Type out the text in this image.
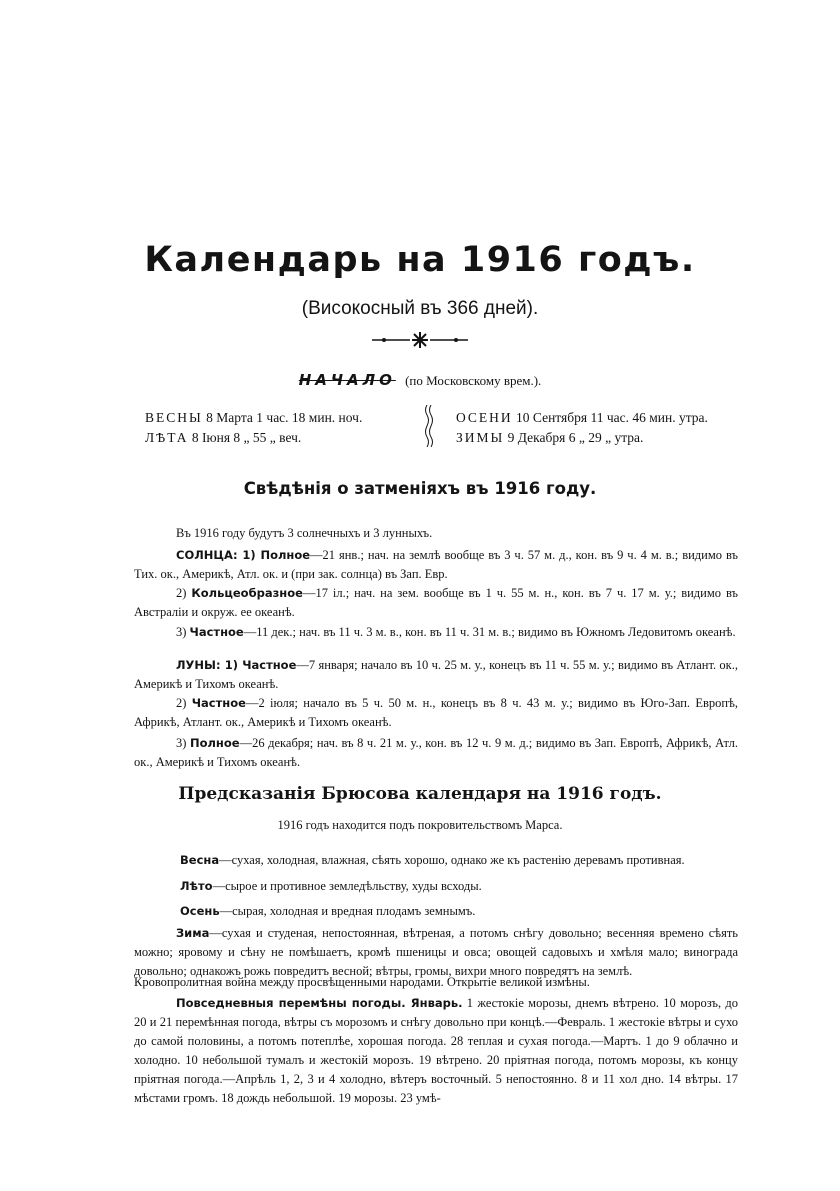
Календарь на 1916 годъ.
(Високосный въ 366 дней).
НАЧАЛО (по Московскому врем.).
ВЕСНЫ 8 Марта 1 час. 18 мин. ноч.
ЛѢТА 8 Іюня 8 „ 55 „ веч.
ОСЕНИ 10 Сентября 11 час. 46 мин. утра.
ЗИМЫ 9 Декабря 6 „ 29 „ утра.
Свѣдѣнія о затменіяхъ въ 1916 году.
Въ 1916 году будутъ 3 солнечныхъ и 3 лунныхъ.
СОЛНЦА: 1) Полное—21 янв.; нач. на землѣ вообще въ 3 ч. 57 м. д., кон. въ 9 ч. 4 м. в.; видимо въ Тих. ок., Америкѣ, Атл. ок. и (при зак. солнца) въ Зап. Евр.
2) Кольцеобразное—17 іл.; нач. на зем. вообще въ 1 ч. 55 м. н., кон. въ 7 ч. 17 м. у.; видимо въ Австраліи и окруж. ее океанѣ.
3) Частное—11 дек.; нач. въ 11 ч. 3 м. в., кон. въ 11 ч. 31 м. в.; видимо въ Южномъ Ледовитомъ океанѣ.
ЛУНЫ: 1) Частное—7 января; начало въ 10 ч. 25 м. у., конецъ въ 11 ч. 55 м. у.; видимо въ Атлант. ок., Америкѣ и Тихомъ океанѣ.
2) Частное—2 іюля; начало въ 5 ч. 50 м. н., конецъ въ 8 ч. 43 м. у.; видимо въ Юго-Зап. Европѣ, Африкѣ, Атлант. ок., Америкѣ и Тихомъ океанѣ.
3) Полное—26 декабря; нач. въ 8 ч. 21 м. у., кон. въ 12 ч. 9 м. д.; видимо въ Зап. Европѣ, Африкѣ, Атл. ок., Америкѣ и Тихомъ океанѣ.
Предсказанія Брюсова календаря на 1916 годъ.
1916 годъ находится подъ покровительствомъ Марса.
Весна—сухая, холодная, влажная, сѣять хорошо, однако же къ растенію деревамъ противная.
Лѣто—сырое и противное земледѣльству, худы всходы.
Осень—сырая, холодная и вредная плодамъ земнымъ.
Зима—сухая и студеная, непостоянная, вѣтреная, а потомъ снѣгу довольно; весенняя времено сѣять можно; яровому и сѣну не помѣшаетъ, кромѣ пшеницы и овса; овощей садовыхъ и хмѣля мало; винограда довольно; однакожъ рожь повредитъ весной; вѣтры, громы, вихри много повредятъ на землѣ.
Кровопролитная война между просвѣщенными народами. Открытіе великой измѣны.
Повседневныя перемѣны погоды. Январь. 1 жестокіе морозы, днемъ вѣтрено. 10 морозъ, до 20 и 21 перемѣнная погода, вѣтры съ морозомъ и снѣгу довольно при концѣ.—Февраль. 1 жестокіе вѣтры и сухо до самой половины, а потомъ потеплѣе, хорошая погода. 28 теплая и сухая погода.—Мартъ. 1 до 9 облачно и холодно. 10 небольшой тумалъ и жестокій морозъ. 19 вѣтрено. 20 пріятная погода, потомъ морозы, къ концу пріятная погода.—Апрѣль 1, 2, 3 и 4 холодно, вѣтеръ восточный. 5 непостоянно. 8 и 11 хол дно. 14 вѣтры. 17 мѣстами громъ. 18 дождь небольшой. 19 морозы. 23 умѣ-
